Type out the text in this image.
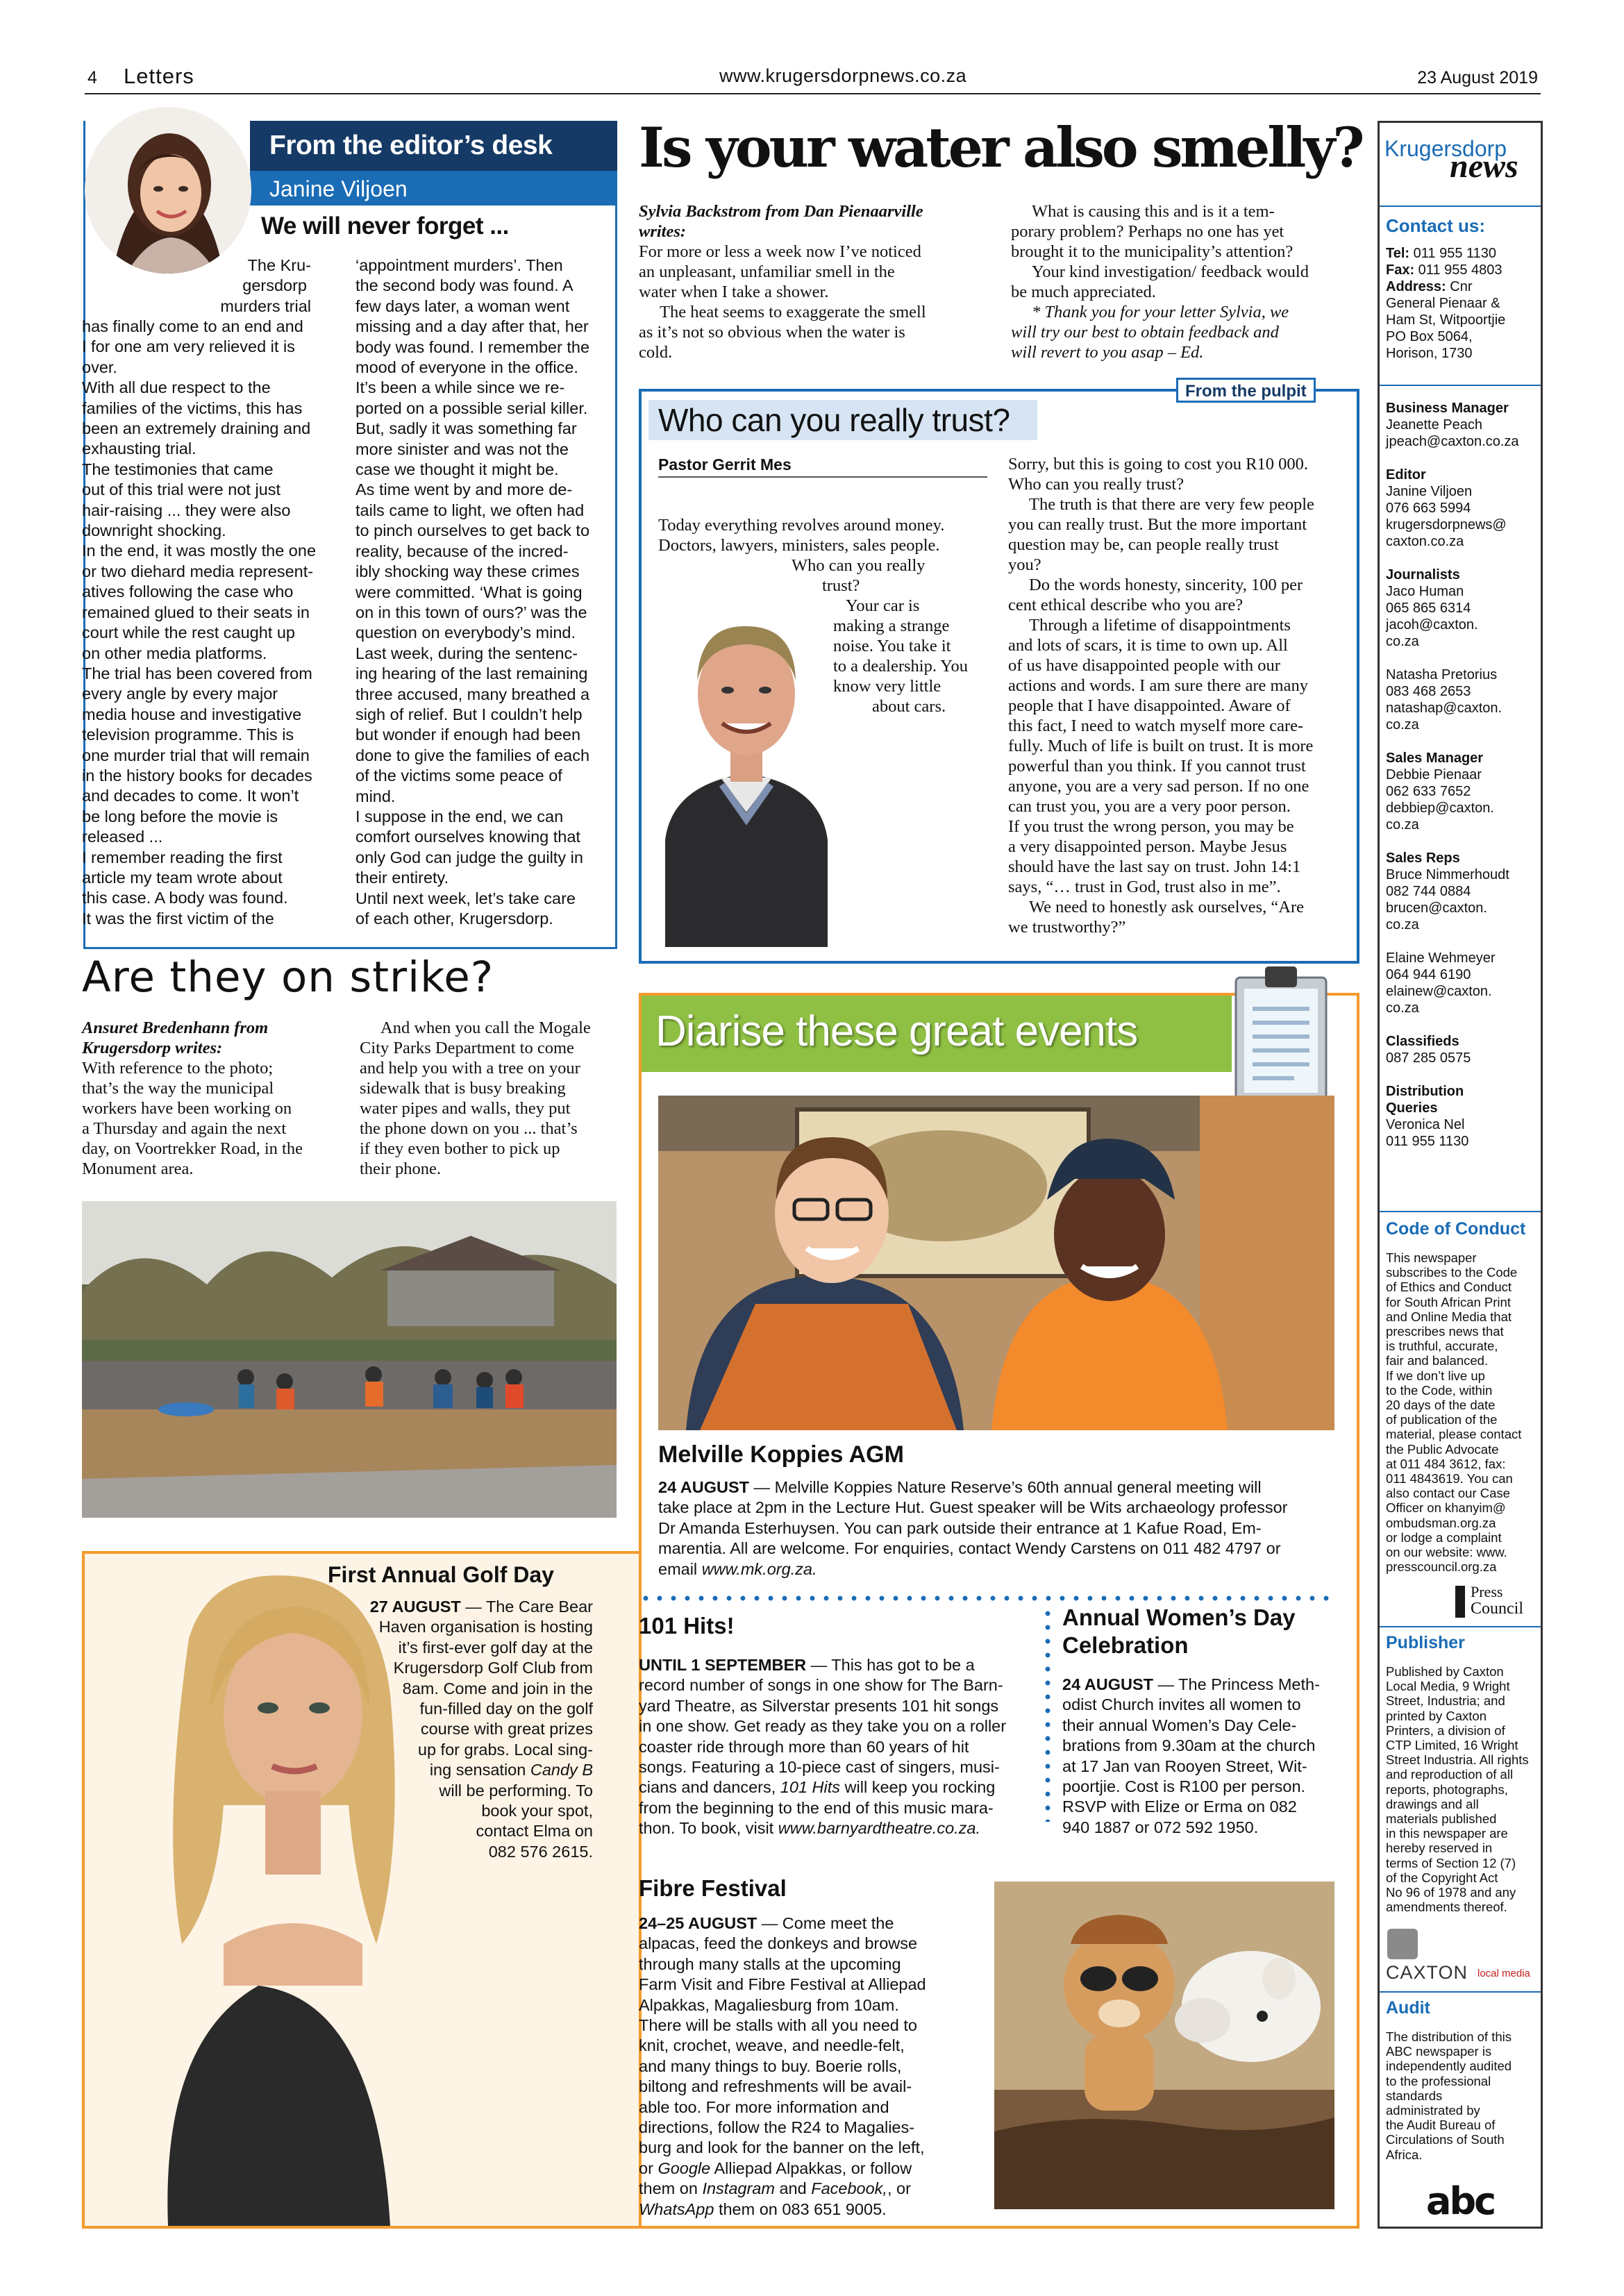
4 Letters	www.krugersdorpnews.co.za	23 August 2019
From the editor’s desk
Janine Viljoen
We will never forget ...

The Kru-

gersdorp

murders trial

has finally come to an end and

I for one am very relieved it is

over.

With all due respect to the

families of the victims, this has

been an extremely draining and

exhausting trial.

The testimonies that came

out of this trial were not just

hair-raising ... they were also

downright shocking.

In the end, it was mostly the one

or two diehard media represent-

atives following the case who

remained glued to their seats in

court while the rest caught up

on other media platforms.

The trial has been covered from

every angle by every major

media house and investigative

television programme. This is

one murder trial that will remain

in the history books for decades

and decades to come. It won’t

be long before the movie is

released ...

I remember reading the first

article my team wrote about

this case. A body was found.

It was the first victim of the

‘appointment murders’. Then

the second body was found. A

few days later, a woman went

missing and a day after that, her

body was found. I remember the

mood of everyone in the office.

It’s been a while since we re-

ported on a possible serial killer.

But, sadly it was something far

more sinister and was not the

case we thought it might be.

As time went by and more de-

tails came to light, we often had

to pinch ourselves to get back to

reality, because of the incred-

ibly shocking way these crimes

were committed. ‘What is going

on in this town of ours?’ was the

question on everybody’s mind.

Last week, during the sentenc-

ing hearing of the last remaining

three accused, many breathed a

sigh of relief. But I couldn’t help

but wonder if enough had been

done to give the families of each

of the victims some peace of

mind.

I suppose in the end, we can

comfort ourselves knowing that

only God can judge the guilty in

their entirety.

Until next week, let’s take care

of each other, Krugersdorp.

Is your water also smelly?

Sylvia Backstrom from Dan Pienaarville

writes:

For more or less a week now I’ve noticed

an unpleasant, unfamiliar smell in the

water when I take a shower.

The heat seems to exaggerate the smell

as it’s not so obvious when the water is

cold.

What is causing this and is it a tem-

porary problem? Perhaps no one has yet

brought it to the municipality’s attention?

Your kind investigation/ feedback would

be much appreciated.

* Thank you for your letter Sylvia, we

will try our best to obtain feedback and

will revert to you asap – Ed.

From the pulpit
Who can you really trust?
Pastor Gerrit Mes

Today everything revolves around money.

Doctors, lawyers, ministers, sales people.

Who can you really

trust?

Your car is

making a strange

noise. You take it

to a dealership. You

know very little

about cars.

Sorry, but this is going to cost you R10 000.

Who can you really trust?

The truth is that there are very few people

you can really trust. But the more important

question may be, can people really trust

you?

Do the words honesty, sincerity, 100 per

cent ethical describe who you are?

Through a lifetime of disappointments

and lots of scars, it is time to own up. All

of us have disappointed people with our

actions and words. I am sure there are many

people that I have disappointed. Aware of

this fact, I need to watch myself more care-

fully. Much of life is built on trust. It is more

powerful than you think. If you cannot trust

anyone, you are a very sad person. If no one

can trust you, you are a very poor person.

If you trust the wrong person, you may be

a very disappointed person. Maybe Jesus

should have the last say on trust. John 14:1

says, “… trust in God, trust also in me”.

We need to honestly ask ourselves, “Are

we trustworthy?”

Are they on strike?

Ansuret Bredenhann from

Krugersdorp writes:

With reference to the photo;

that’s the way the municipal

workers have been working on

a Thursday and again the next

day, on Voortrekker Road, in the

Monument area.

And when you call the Mogale

City Parks Department to come

and help you with a tree on your

sidewalk that is busy breaking

water pipes and walls, they put

the phone down on you ... that’s

if they even bother to pick up

their phone.

Diarise these great events
Melville Koppies AGM

24 AUGUST — Melville Koppies Nature Reserve’s 60th annual general meeting will

take place at 2pm in the Lecture Hut. Guest speaker will be Wits archaeology professor

Dr Amanda Esterhuysen. You can park outside their entrance at 1 Kafue Road, Em-

marentia. All are welcome. For enquiries, contact Wendy Carstens on 011 482 4797 or

email www.mk.org.za.

First Annual Golf Day

27 AUGUST — The Care Bear

Haven organisation is hosting

it’s first-ever golf day at the

Krugersdorp Golf Club from

8am. Come and join in the

fun-filled day on the golf

course with great prizes

up for grabs. Local sing-

ing sensation Candy B

will be performing. To

book your spot,

contact Elma on

082 576 2615.

101 Hits!

UNTIL 1 SEPTEMBER — This has got to be a

record number of songs in one show for The Barn-

yard Theatre, as Silverstar presents 101 hit songs

in one show. Get ready as they take you on a roller

coaster ride through more than 60 years of hit

songs. Featuring a 10-piece cast of singers, musi-

cians and dancers, 101 Hits will keep you rocking

from the beginning to the end of this music mara-

thon. To book, visit www.barnyardtheatre.co.za.

Annual Women’s Day

Celebration

24 AUGUST — The Princess Meth-

odist Church invites all women to

their annual Women’s Day Cele-

brations from 9.30am at the church

at 17 Jan van Rooyen Street, Wit-

poortjie. Cost is R100 per person.

RSVP with Elize or Erma on 082

940 1887 or 072 592 1950.

Fibre Festival

24–25 AUGUST — Come meet the

alpacas, feed the donkeys and browse

through many stalls at the upcoming

Farm Visit and Fibre Festival at Alliepad

Alpakkas, Magaliesburg from 10am.

There will be stalls with all you need to

knit, crochet, weave, and needle-felt,

and many things to buy. Boerie rolls,

biltong and refreshments will be avail-

able too. For more information and

directions, follow the R24 to Magalies-

burg and look for the banner on the left,

or Google Alliepad Alpakkas, or follow

them on Instagram and Facebook,, or

WhatsApp them on 083 651 9005.

Krugersdorp
news

Contact us:

Tel: 011 955 1130

Fax: 011 955 4803

Address: Cnr

General Pienaar &

Ham St, Witpoortjie

PO Box 5064,

Horison, 1730

Business Manager

Jeanette Peach

jpeach@caxton.co.za

Editor

Janine Viljoen

076 663 5994

krugersdorpnews@

caxton.co.za

Journalists

Jaco Human

065 865 6314

jacoh@caxton.

co.za

Natasha Pretorius

083 468 2653

natashap@caxton.

co.za

Sales Manager

Debbie Pienaar

062 633 7652

debbiep@caxton.

co.za

Sales Reps

Bruce Nimmerhoudt

082 744 0884

brucen@caxton.

co.za

Elaine Wehmeyer

064 944 6190

elainew@caxton.

co.za

Classifieds

087 285 0575

Distribution

Queries

Veronica Nel

011 955 1130

Code of Conduct

This newspaper

subscribes to the Code

of Ethics and Conduct

for South African Print

and Online Media that

prescribes news that

is truthful, accurate,

fair and balanced.

If we don’t live up

to the Code, within

20 days of the date

of publication of the

material, please contact

the Public Advocate

at 011 484 3612, fax:

011 4843619. You can

also contact our Case

Officer on khanyim@

ombudsman.org.za

or lodge a complaint

on our website: www.

presscouncil.org.za

Press
Council

Publisher

Published by Caxton

Local Media, 9 Wright

Street, Industria; and

printed by Caxton

Printers, a division of

CTP Limited, 16 Wright

Street Industria. All rights

and reproduction of all

reports, photographs,

drawings and all

materials published

in this newspaper are

hereby reserved in

terms of Section 12 (7)

of the Copyright Act

No 96 of 1978 and any

amendments thereof.

CAXTON local media

Audit

The distribution of this

ABC newspaper is

independently audited

to the professional

standards

administrated by

the Audit Bureau of

Circulations of South

Africa.

abc
